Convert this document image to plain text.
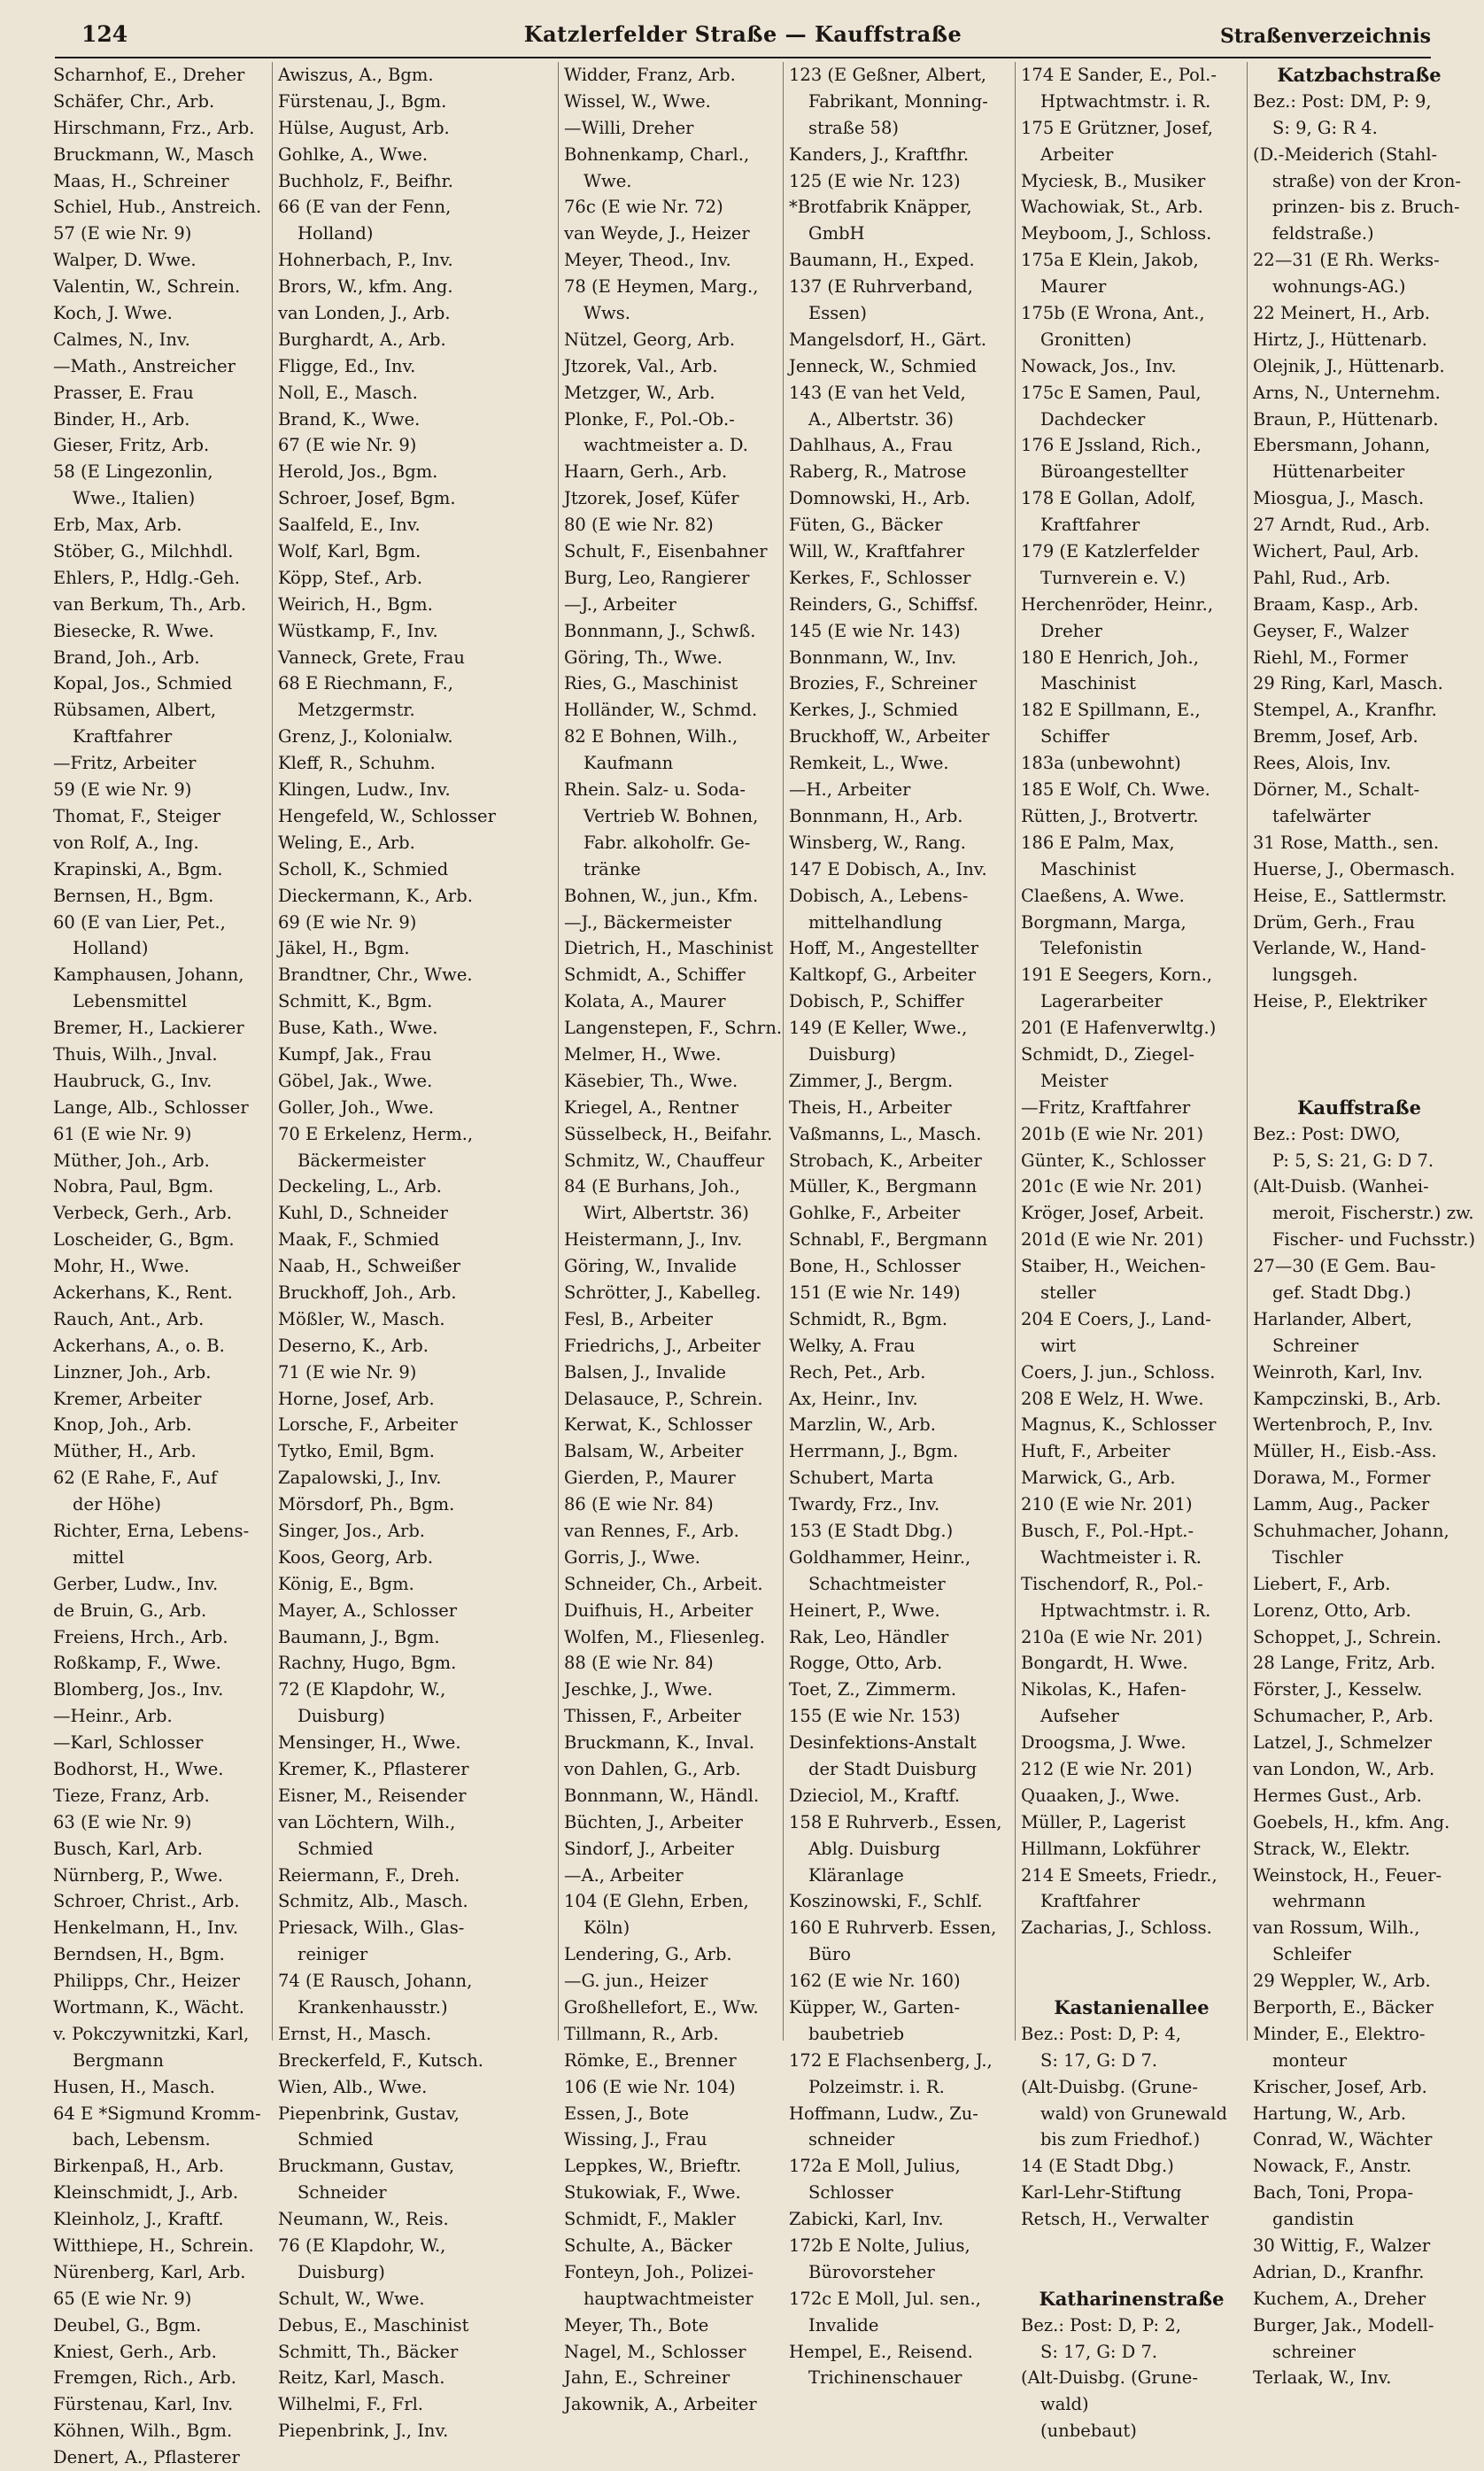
124	Katzlerfelder Straße — Kauffstraße	Straßenverzeichnis
Scharnhof, E., Dreher
Schäfer, Chr., Arb.
Hirschmann, Frz., Arb.
Bruckmann, W., Masch
Maas, H., Schreiner
Schiel, Hub., Anstreich.
57 (E wie Nr. 9)
Walper, D. Wwe.
Valentin, W., Schrein.
Koch, J. Wwe.
Calmes, N., Inv.
—Math., Anstreicher
Prasser, E. Frau
Binder, H., Arb.
Gieser, Fritz, Arb.
58 (E Lingezonlin,
Wwe., Italien)
Erb, Max, Arb.
Stöber, G., Milchhdl.
Ehlers, P., Hdlg.-Geh.
van Berkum, Th., Arb.
Biesecke, R. Wwe.
Brand, Joh., Arb.
Kopal, Jos., Schmied
Rübsamen, Albert,
Kraftfahrer
—Fritz, Arbeiter
59 (E wie Nr. 9)
Thomat, F., Steiger
von Rolf, A., Ing.
Krapinski, A., Bgm.
Bernsen, H., Bgm.
60 (E van Lier, Pet.,
Holland)
Kamphausen, Johann,
Lebensmittel
Bremer, H., Lackierer
Thuis, Wilh., Jnval.
Haubruck, G., Inv.
Lange, Alb., Schlosser
61 (E wie Nr. 9)
Müther, Joh., Arb.
Nobra, Paul, Bgm.
Verbeck, Gerh., Arb.
Loscheider, G., Bgm.
Mohr, H., Wwe.
Ackerhans, K., Rent.
Rauch, Ant., Arb.
Ackerhans, A., o. B.
Linzner, Joh., Arb.
Kremer, Arbeiter
Knop, Joh., Arb.
Müther, H., Arb.
62 (E Rahe, F., Auf
der Höhe)
Richter, Erna, Lebens-
mittel
Gerber, Ludw., Inv.
de Bruin, G., Arb.
Freiens, Hrch., Arb.
Roßkamp, F., Wwe.
Blomberg, Jos., Inv.
—Heinr., Arb.
—Karl, Schlosser
Bodhorst, H., Wwe.
Tieze, Franz, Arb.
63 (E wie Nr. 9)
Busch, Karl, Arb.
Nürnberg, P., Wwe.
Schroer, Christ., Arb.
Henkelmann, H., Inv.
Berndsen, H., Bgm.
Philipps, Chr., Heizer
Wortmann, K., Wächt.
v. Pokczywnitzki, Karl,
Bergmann
Husen, H., Masch.
64 E *Sigmund Kromm-
bach, Lebensm.
Birkenpaß, H., Arb.
Kleinschmidt, J., Arb.
Kleinholz, J., Kraftf.
Witthiepe, H., Schrein.
Nürenberg, Karl, Arb.
65 (E wie Nr. 9)
Deubel, G., Bgm.
Kniest, Gerh., Arb.
Fremgen, Rich., Arb.
Fürstenau, Karl, Inv.
Köhnen, Wilh., Bgm.
Denert, A., Pflasterer
Awiszus, A., Bgm.
Fürstenau, J., Bgm.
Hülse, August, Arb.
Gohlke, A., Wwe.
Buchholz, F., Beifhr.
66 (E van der Fenn,
Holland)
Hohnerbach, P., Inv.
Brors, W., kfm. Ang.
van Londen, J., Arb.
Burghardt, A., Arb.
Fligge, Ed., Inv.
Noll, E., Masch.
Brand, K., Wwe.
67 (E wie Nr. 9)
Herold, Jos., Bgm.
Schroer, Josef, Bgm.
Saalfeld, E., Inv.
Wolf, Karl, Bgm.
Köpp, Stef., Arb.
Weirich, H., Bgm.
Wüstkamp, F., Inv.
Vanneck, Grete, Frau
68 E Riechmann, F.,
Metzgermstr.
Grenz, J., Kolonialw.
Kleff, R., Schuhm.
Klingen, Ludw., Inv.
Hengefeld, W., Schlosser
Weling, E., Arb.
Scholl, K., Schmied
Dieckermann, K., Arb.
69 (E wie Nr. 9)
Jäkel, H., Bgm.
Brandtner, Chr., Wwe.
Schmitt, K., Bgm.
Buse, Kath., Wwe.
Kumpf, Jak., Frau
Göbel, Jak., Wwe.
Goller, Joh., Wwe.
70 E Erkelenz, Herm.,
Bäckermeister
Deckeling, L., Arb.
Kuhl, D., Schneider
Maak, F., Schmied
Naab, H., Schweißer
Bruckhoff, Joh., Arb.
Mößler, W., Masch.
Deserno, K., Arb.
71 (E wie Nr. 9)
Horne, Josef, Arb.
Lorsche, F., Arbeiter
Tytko, Emil, Bgm.
Zapalowski, J., Inv.
Mörsdorf, Ph., Bgm.
Singer, Jos., Arb.
Koos, Georg, Arb.
König, E., Bgm.
Mayer, A., Schlosser
Baumann, J., Bgm.
Rachny, Hugo, Bgm.
72 (E Klapdohr, W.,
Duisburg)
Mensinger, H., Wwe.
Kremer, K., Pflasterer
Eisner, M., Reisender
van Löchtern, Wilh.,
Schmied
Reiermann, F., Dreh.
Schmitz, Alb., Masch.
Priesack, Wilh., Glas-
reiniger
74 (E Rausch, Johann,
Krankenhausstr.)
Ernst, H., Masch.
Breckerfeld, F., Kutsch.
Wien, Alb., Wwe.
Piepenbrink, Gustav,
Schmied
Bruckmann, Gustav,
Schneider
Neumann, W., Reis.
76 (E Klapdohr, W.,
Duisburg)
Schult, W., Wwe.
Debus, E., Maschinist
Schmitt, Th., Bäcker
Reitz, Karl, Masch.
Wilhelmi, F., Frl.
Piepenbrink, J., Inv.
Widder, Franz, Arb.
Wissel, W., Wwe.
—Willi, Dreher
Bohnenkamp, Charl.,
Wwe.
76c (E wie Nr. 72)
van Weyde, J., Heizer
Meyer, Theod., Inv.
78 (E Heymen, Marg.,
Wws.
Nützel, Georg, Arb.
Jtzorek, Val., Arb.
Metzger, W., Arb.
Plonke, F., Pol.-Ob.-
wachtmeister a. D.
Haarn, Gerh., Arb.
Jtzorek, Josef, Küfer
80 (E wie Nr. 82)
Schult, F., Eisenbahner
Burg, Leo, Rangierer
—J., Arbeiter
Bonnmann, J., Schwß.
Göring, Th., Wwe.
Ries, G., Maschinist
Holländer, W., Schmd.
82 E Bohnen, Wilh.,
Kaufmann
Rhein. Salz- u. Soda-
Vertrieb W. Bohnen,
Fabr. alkoholfr. Ge-
tränke
Bohnen, W., jun., Kfm.
—J., Bäckermeister
Dietrich, H., Maschinist
Schmidt, A., Schiffer
Kolata, A., Maurer
Langenstepen, F., Schrn.
Melmer, H., Wwe.
Käsebier, Th., Wwe.
Kriegel, A., Rentner
Süsselbeck, H., Beifahr.
Schmitz, W., Chauffeur
84 (E Burhans, Joh.,
Wirt, Albertstr. 36)
Heistermann, J., Inv.
Göring, W., Invalide
Schrötter, J., Kabelleg.
Fesl, B., Arbeiter
Friedrichs, J., Arbeiter
Balsen, J., Invalide
Delasauce, P., Schrein.
Kerwat, K., Schlosser
Balsam, W., Arbeiter
Gierden, P., Maurer
86 (E wie Nr. 84)
van Rennes, F., Arb.
Gorris, J., Wwe.
Schneider, Ch., Arbeit.
Duifhuis, H., Arbeiter
Wolfen, M., Fliesenleg.
88 (E wie Nr. 84)
Jeschke, J., Wwe.
Thissen, F., Arbeiter
Bruckmann, K., Inval.
von Dahlen, G., Arb.
Bonnmann, W., Händl.
Büchten, J., Arbeiter
Sindorf, J., Arbeiter
—A., Arbeiter
104 (E Glehn, Erben,
Köln)
Lendering, G., Arb.
—G. jun., Heizer
Großhellefort, E., Ww.
Tillmann, R., Arb.
Römke, E., Brenner
106 (E wie Nr. 104)
Essen, J., Bote
Wissing, J., Frau
Leppkes, W., Brieftr.
Stukowiak, F., Wwe.
Schmidt, F., Makler
Schulte, A., Bäcker
Fonteyn, Joh., Polizei-
hauptwachtmeister
Meyer, Th., Bote
Nagel, M., Schlosser
Jahn, E., Schreiner
Jakownik, A., Arbeiter
123 (E Geßner, Albert,
Fabrikant, Monning-
straße 58)
Kanders, J., Kraftfhr.
125 (E wie Nr. 123)
*Brotfabrik Knäpper,
GmbH
Baumann, H., Exped.
137 (E Ruhrverband,
Essen)
Mangelsdorf, H., Gärt.
Jenneck, W., Schmied
143 (E van het Veld,
A., Albertstr. 36)
Dahlhaus, A., Frau
Raberg, R., Matrose
Domnowski, H., Arb.
Füten, G., Bäcker
Will, W., Kraftfahrer
Kerkes, F., Schlosser
Reinders, G., Schiffsf.
145 (E wie Nr. 143)
Bonnmann, W., Inv.
Brozies, F., Schreiner
Kerkes, J., Schmied
Bruckhoff, W., Arbeiter
Remkeit, L., Wwe.
—H., Arbeiter
Bonnmann, H., Arb.
Winsberg, W., Rang.
147 E Dobisch, A., Inv.
Dobisch, A., Lebens-
mittelhandlung
Hoff, M., Angestellter
Kaltkopf, G., Arbeiter
Dobisch, P., Schiffer
149 (E Keller, Wwe.,
Duisburg)
Zimmer, J., Bergm.
Theis, H., Arbeiter
Vaßmanns, L., Masch.
Strobach, K., Arbeiter
Müller, K., Bergmann
Gohlke, F., Arbeiter
Schnabl, F., Bergmann
Bone, H., Schlosser
151 (E wie Nr. 149)
Schmidt, R., Bgm.
Welky, A. Frau
Rech, Pet., Arb.
Ax, Heinr., Inv.
Marzlin, W., Arb.
Herrmann, J., Bgm.
Schubert, Marta
Twardy, Frz., Inv.
153 (E Stadt Dbg.)
Goldhammer, Heinr.,
Schachtmeister
Heinert, P., Wwe.
Rak, Leo, Händler
Rogge, Otto, Arb.
Toet, Z., Zimmerm.
155 (E wie Nr. 153)
Desinfektions-Anstalt
der Stadt Duisburg
Dzieciol, M., Kraftf.
158 E Ruhrverb., Essen,
Ablg. Duisburg
Kläranlage
Koszinowski, F., Schlf.
160 E Ruhrverb. Essen,
Büro
162 (E wie Nr. 160)
Küpper, W., Garten-
baubetrieb
172 E Flachsenberg, J.,
Polzeimstr. i. R.
Hoffmann, Ludw., Zu-
schneider
172a E Moll, Julius,
Schlosser
Zabicki, Karl, Inv.
172b E Nolte, Julius,
Bürovorsteher
172c E Moll, Jul. sen.,
Invalide
Hempel, E., Reisend.
Trichinenschauer
174 E Sander, E., Pol.-
Hptwachtmstr. i. R.
175 E Grützner, Josef,
Arbeiter
Myciesk, B., Musiker
Wachowiak, St., Arb.
Meyboom, J., Schloss.
175a E Klein, Jakob,
Maurer
175b (E Wrona, Ant.,
Gronitten)
Nowack, Jos., Inv.
175c E Samen, Paul,
Dachdecker
176 E Jssland, Rich.,
Büroangestellter
178 E Gollan, Adolf,
Kraftfahrer
179 (E Katzlerfelder
Turnverein e. V.)
Herchenröder, Heinr.,
Dreher
180 E Henrich, Joh.,
Maschinist
182 E Spillmann, E.,
Schiffer
183a (unbewohnt)
185 E Wolf, Ch. Wwe.
Rütten, J., Brotvertr.
186 E Palm, Max,
Maschinist
Claeßens, A. Wwe.
Borgmann, Marga,
Telefonistin
191 E Seegers, Korn.,
Lagerarbeiter
201 (E Hafenverwltg.)
Schmidt, D., Ziegel-
Meister
—Fritz, Kraftfahrer
201b (E wie Nr. 201)
Günter, K., Schlosser
201c (E wie Nr. 201)
Kröger, Josef, Arbeit.
201d (E wie Nr. 201)
Staiber, H., Weichen-
steller
204 E Coers, J., Land-
wirt
Coers, J. jun., Schloss.
208 E Welz, H. Wwe.
Magnus, K., Schlosser
Huft, F., Arbeiter
Marwick, G., Arb.
210 (E wie Nr. 201)
Busch, F., Pol.-Hpt.-
Wachtmeister i. R.
Tischendorf, R., Pol.-
Hptwachtmstr. i. R.
210a (E wie Nr. 201)
Bongardt, H. Wwe.
Nikolas, K., Hafen-
Aufseher
Droogsma, J. Wwe.
212 (E wie Nr. 201)
Quaaken, J., Wwe.
Müller, P., Lagerist
Hillmann, Lokführer
214 E Smeets, Friedr.,
Kraftfahrer
Zacharias, J., Schloss.
Kastanienallee
Bez.: Post: D, P: 4,
S: 17, G: D 7.
(Alt-Duisbg. (Grune-
wald) von Grunewald
bis zum Friedhof.)
14 (E Stadt Dbg.)
Karl-Lehr-Stiftung
Retsch, H., Verwalter
Katharinenstraße
Bez.: Post: D, P: 2,
S: 17, G: D 7.
(Alt-Duisbg. (Grune-
wald)
(unbebaut)
Katzbachstraße
Bez.: Post: DM, P: 9,
S: 9, G: R 4.
(D.-Meiderich (Stahl-
straße) von der Kron-
prinzen- bis z. Bruch-
feldstraße.)
22—31 (E Rh. Werks-
wohnungs-AG.)
22 Meinert, H., Arb.
Hirtz, J., Hüttenarb.
Olejnik, J., Hüttenarb.
Arns, N., Unternehm.
Braun, P., Hüttenarb.
Ebersmann, Johann,
Hüttenarbeiter
Miosgua, J., Masch.
27 Arndt, Rud., Arb.
Wichert, Paul, Arb.
Pahl, Rud., Arb.
Braam, Kasp., Arb.
Geyser, F., Walzer
Riehl, M., Former
29 Ring, Karl, Masch.
Stempel, A., Kranfhr.
Bremm, Josef, Arb.
Rees, Alois, Inv.
Dörner, M., Schalt-
tafelwärter
31 Rose, Matth., sen.
Huerse, J., Obermasch.
Heise, E., Sattlermstr.
Drüm, Gerh., Frau
Verlande, W., Hand-
lungsgeh.
Heise, P., Elektriker
Kauffstraße
Bez.: Post: DWO,
P: 5, S: 21, G: D 7.
(Alt-Duisb. (Wanhei-
meroit, Fischerstr.) zw.
Fischer- und Fuchsstr.)
27—30 (E Gem. Bau-
gef. Stadt Dbg.)
Harlander, Albert,
Schreiner
Weinroth, Karl, Inv.
Kampczinski, B., Arb.
Wertenbroch, P., Inv.
Müller, H., Eisb.-Ass.
Dorawa, M., Former
Lamm, Aug., Packer
Schuhmacher, Johann,
Tischler
Liebert, F., Arb.
Lorenz, Otto, Arb.
Schoppet, J., Schrein.
28 Lange, Fritz, Arb.
Förster, J., Kesselw.
Schumacher, P., Arb.
Latzel, J., Schmelzer
van London, W., Arb.
Hermes Gust., Arb.
Goebels, H., kfm. Ang.
Strack, W., Elektr.
Weinstock, H., Feuer-
wehrmann
van Rossum, Wilh.,
Schleifer
29 Weppler, W., Arb.
Berporth, E., Bäcker
Minder, E., Elektro-
monteur
Krischer, Josef, Arb.
Hartung, W., Arb.
Conrad, W., Wächter
Nowack, F., Anstr.
Bach, Toni, Propa-
gandistin
30 Wittig, F., Walzer
Adrian, D., Kranfhr.
Kuchem, A., Dreher
Burger, Jak., Modell-
schreiner
Terlaak, W., Inv.
